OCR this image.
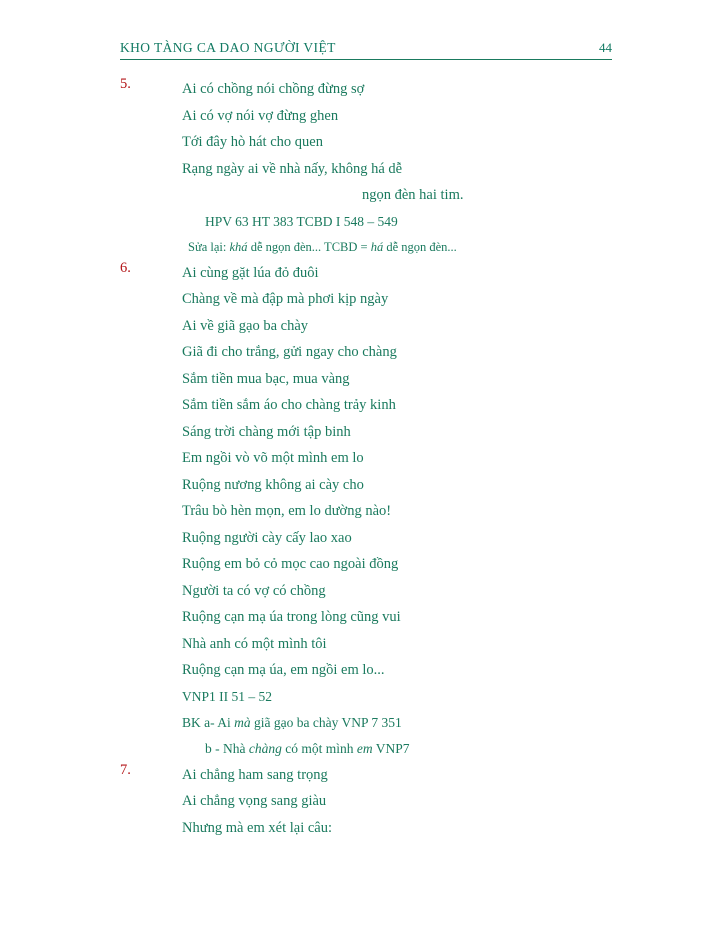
KHO TÀNG CA DAO NGƯỜI VIỆT	44
5.	Ai có chồng nói chồng đừng sợ
Ai có vợ nói vợ đừng ghen
Tới đây hò hát cho quen
Rạng ngày ai về nhà nấy, không há dễ
ngọn đèn hai tim.
HPV 63 HT 383 TCBD I 548 – 549
Sửa lại: khá dễ ngọn đèn... TCBD = há dễ ngọn đèn...
6.	Ai cùng gặt lúa đỏ đuôi
Chàng về mà đập mà phơi kịp ngày
Ai về giã gạo ba chày
Giã đi cho trắng, gửi ngay cho chàng
Sắm tiền mua bạc, mua vàng
Sắm tiền sắm áo cho chàng trảy kinh
Sáng trời chàng mới tập binh
Em ngồi vò võ một mình em lo
Ruộng nương không ai cày cho
Trâu bò hèn mọn, em lo dường nào!
Ruộng người cày cấy lao xao
Ruộng em bỏ cỏ mọc cao ngoài đồng
Người ta có vợ có chồng
Ruộng cạn mạ úa trong lòng cũng vui
Nhà anh có một mình tôi
Ruộng cạn mạ úa, em ngồi em lo...
VNP1 II 51 – 52
BK a- Ai mà giã gạo ba chày VNP 7 351
b - Nhà chàng có một mình em VNP7
7.	Ai chẳng ham sang trọng
Ai chẳng vọng sang giàu
Nhưng mà em xét lại câu:
